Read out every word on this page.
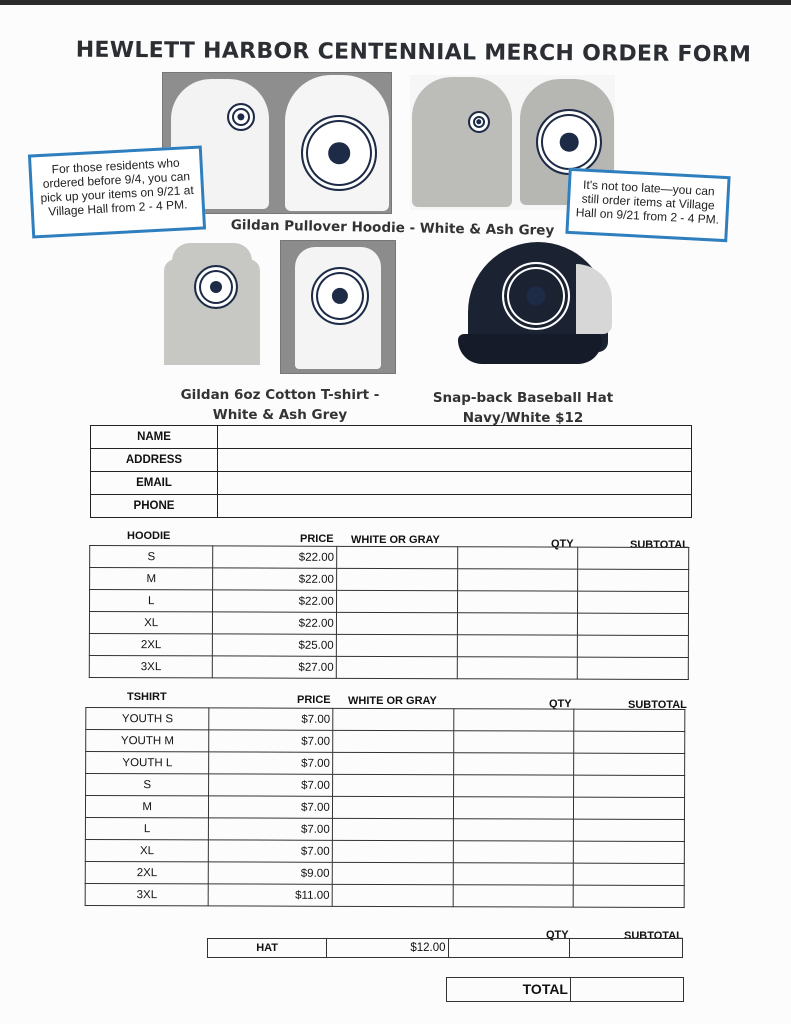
HEWLETT HARBOR CENTENNIAL MERCH ORDER FORM
For those residents who ordered before 9/4, you can pick up your items on 9/21 at Village Hall from 2 - 4 PM.
It's not too late—you can still order items at Village Hall on 9/21 from 2 - 4 PM.
Gildan Pullover Hoodie - White & Ash Grey
Gildan 6oz Cotton T-shirt - White & Ash Grey
Snap-back Baseball Hat Navy/White $12
NAME
ADDRESS
EMAIL
PHONE
HOODIE	PRICE WHITE OR GRAY	QTY	SUBTOTAL
S	$22.00			
M	$22.00			
L	$22.00			
XL	$22.00			
2XL	$25.00			
3XL	$27.00			
TSHIRT	PRICE WHITE OR GRAY	QTY	SUBTOTAL
YOUTH S	$7.00			
YOUTH M	$7.00			
YOUTH L	$7.00			
S	$7.00			
M	$7.00			
L	$7.00			
XL	$7.00			
2XL	$9.00			
3XL	$11.00			
QTY	SUBTOTAL
HAT	$12.00		
TOTAL
